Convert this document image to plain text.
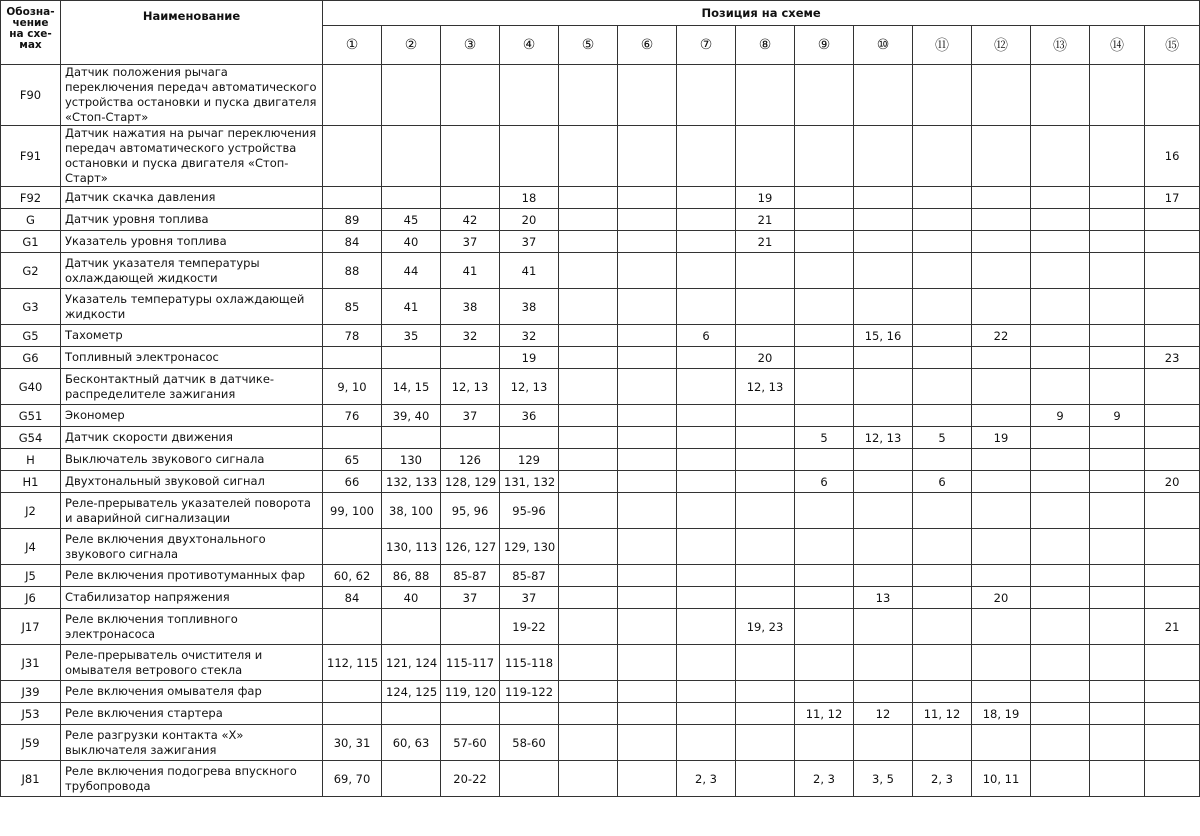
Обозна-
чение
на схе-
мах	Наименование	Позиция на схеме														
		①	②	③	④	⑤	⑥	⑦	⑧	⑨	⑩	⑪	⑫	⑬	⑭	⑮
F90	Датчик положения рычага переключения передач автоматического устройства остановки и пуска двигателя «Стоп-Старт»															
F91	Датчик нажатия на рычаг переключения передач автоматического устройства остановки и пуска двигателя «Стоп-Старт»															16
F92	Датчик скачка давления				18				19							17
G	Датчик уровня топлива	89	45	42	20				21							
G1	Указатель уровня топлива	84	40	37	37				21							
G2	Датчик указателя температуры охлаждающей жидкости	88	44	41	41											
G3	Указатель температуры охлаждающей жидкости	85	41	38	38											
G5	Тахометр	78	35	32	32			6			15, 16		22			
G6	Топливный электронасос				19				20							23
G40	Бесконтактный датчик в датчике-распределителе зажигания	9, 10	14, 15	12, 13	12, 13				12, 13							
G51	Экономер	76	39, 40	37	36									9	9	
G54	Датчик скорости движения									5	12, 13	5	19			
H	Выключатель звукового сигнала	65	130	126	129											
H1	Двухтональный звуковой сигнал	66	132, 133	128, 129	131, 132					6		6				20
J2	Реле-прерыватель указателей поворота и аварийной сигнализации	99, 100	38, 100	95, 96	95-96											
J4	Реле включения двухтонального звукового сигнала		130, 113	126, 127	129, 130											
J5	Реле включения противотуманных фар	60, 62	86, 88	85-87	85-87											
J6	Стабилизатор напряжения	84	40	37	37						13		20			
J17	Реле включения топливного электронасоса				19-22				19, 23							21
J31	Реле-прерыватель очистителя и омывателя ветрового стекла	112, 115	121, 124	115-117	115-118											
J39	Реле включения омывателя фар		124, 125	119, 120	119-122											
J53	Реле включения стартера									11, 12	12	11, 12	18, 19			
J59	Реле разгрузки контакта «X» выключателя зажигания	30, 31	60, 63	57-60	58-60											
J81	Реле включения подогрева впускного трубопровода	69, 70		20-22				2, 3		2, 3	3, 5	2, 3	10, 11			
